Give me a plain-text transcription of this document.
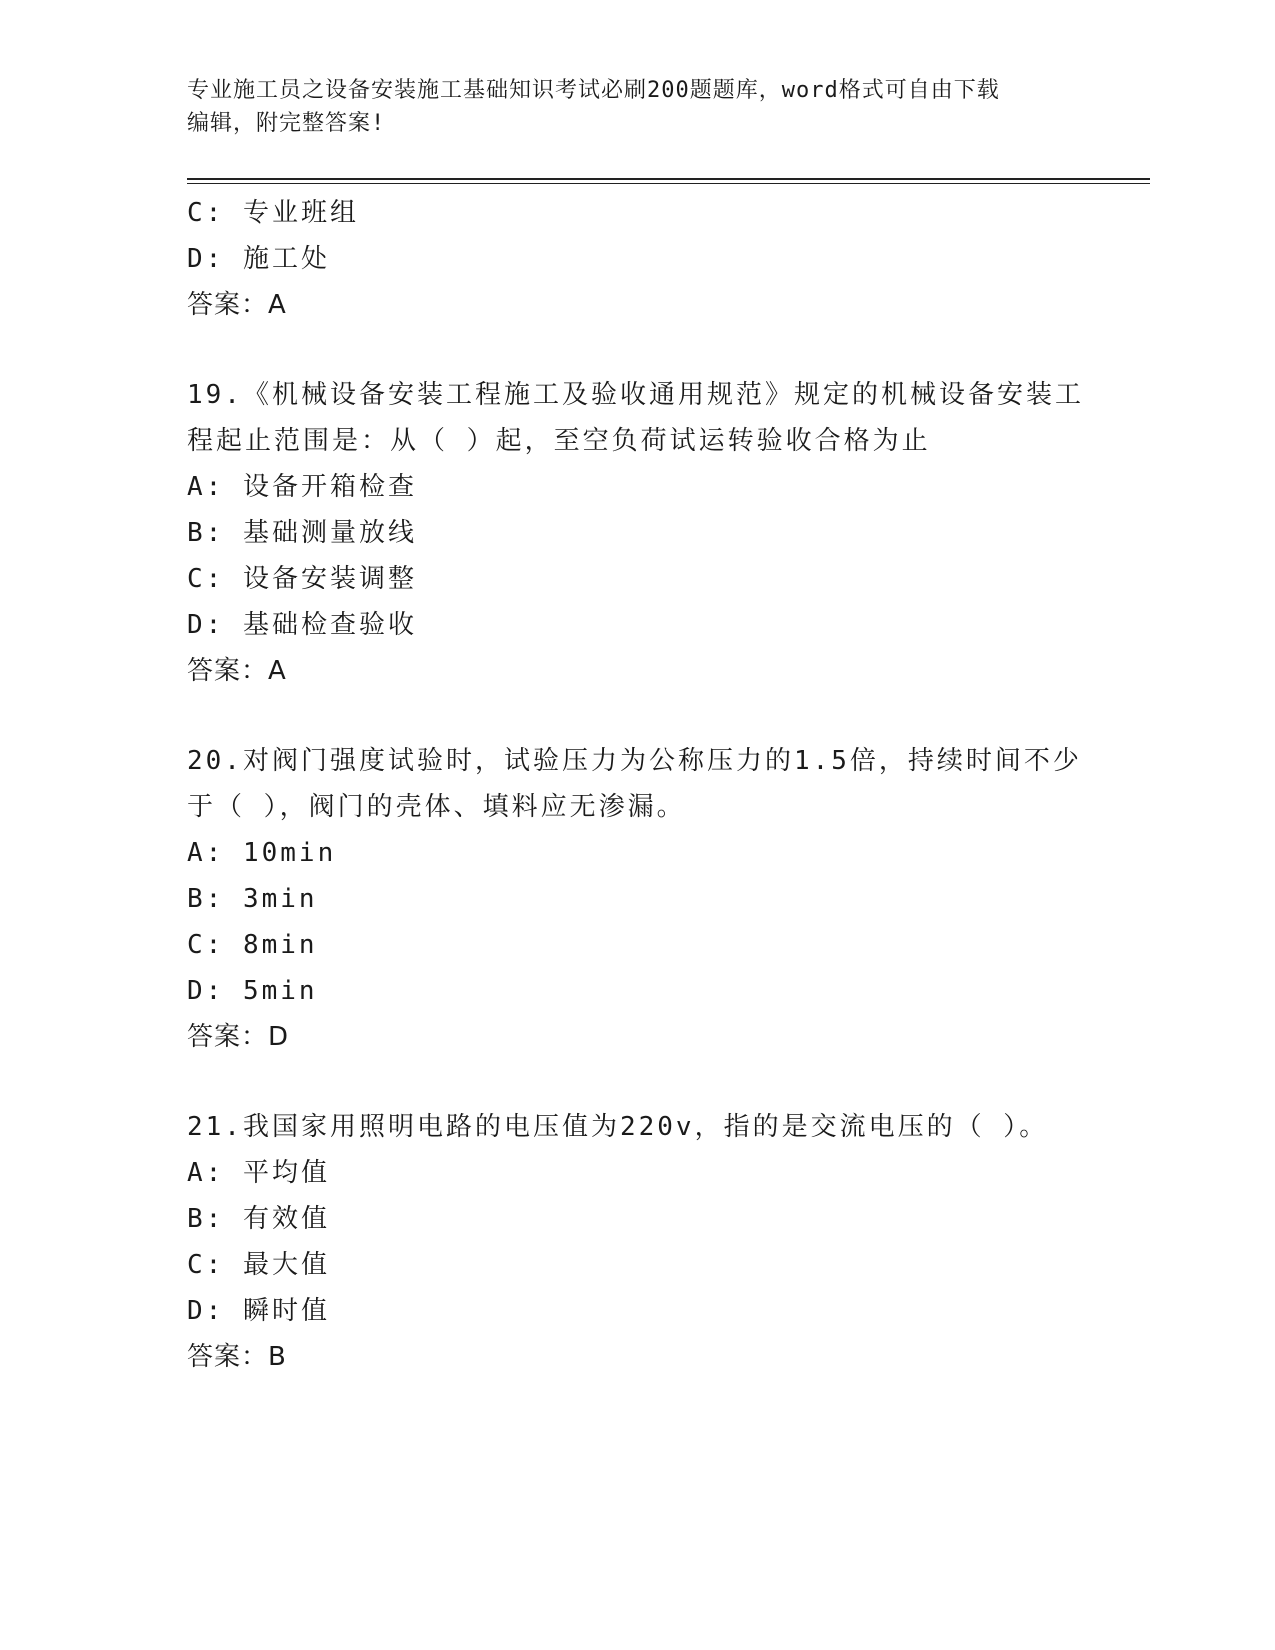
专业施工员之设备安装施工基础知识考试必刷200题题库，word格式可自由下载
编辑，附完整答案!
C: 专业班组
D: 施工处
答案：A
19.《机械设备安装工程施工及验收通用规范》规定的机械设备安装工
程起止范围是：从（ ）起，至空负荷试运转验收合格为止
A: 设备开箱检查
B: 基础测量放线
C: 设备安装调整
D: 基础检查验收
答案：A
20.对阀门强度试验时，试验压力为公称压力的1.5倍，持续时间不少
于（ ），阀门的壳体、填料应无渗漏。
A: 10min
B: 3min
C: 8min
D: 5min
答案：D
21.我国家用照明电路的电压值为220v，指的是交流电压的（ ）。
A: 平均值
B: 有效值
C: 最大值
D: 瞬时值
答案：B
